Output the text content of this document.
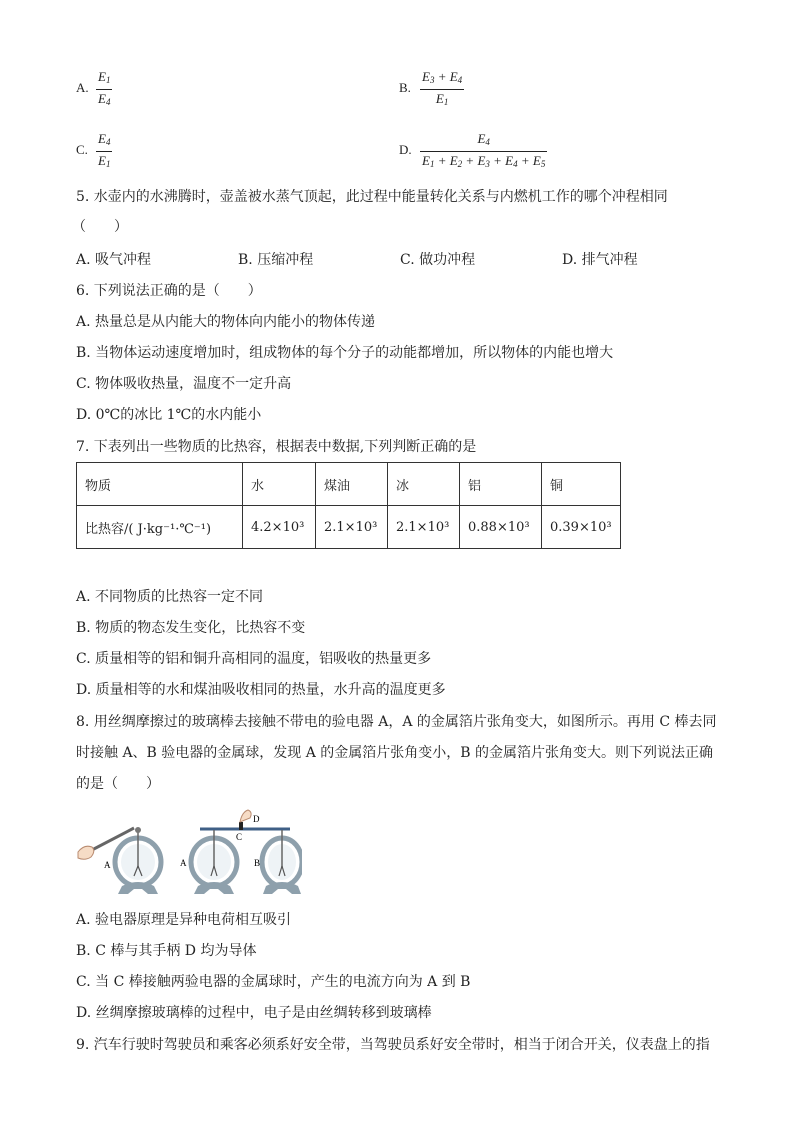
A.
$E_1$
$E_4$
B.
$E_3 + E_4$
$E_1$
C.
$E_4$
$E_1$
D.
$E_4$
$E_1 + E_2 + E_3 + E_4 + E_5$
5. 水壶内的水沸腾时，壶盖被水蒸气顶起，此过程中能量转化关系与内燃机工作的哪个冲程相同
（　　）
A. 吸气冲程	B. 压缩冲程	C. 做功冲程	D. 排气冲程
6. 下列说法正确的是（　　）
A. 热量总是从内能大的物体向内能小的物体传递
B. 当物体运动速度增加时，组成物体的每个分子的动能都增加，所以物体的内能也增大
C. 物体吸收热量，温度不一定升高
D. 0℃的冰比 1℃的水内能小
7. 下表列出一些物质的比热容，根据表中数据,下列判断正确的是
物质	水	煤油	冰	铝	铜
比热容/( J·kg⁻¹·℃⁻¹)	4.2×10³	2.1×10³	2.1×10³	0.88×10³	0.39×10³
A. 不同物质的比热容一定不同
B. 物质的物态发生变化，比热容不变
C. 质量相等的铝和铜升高相同的温度，铝吸收的热量更多
D. 质量相等的水和煤油吸收相同的热量，水升高的温度更多
8. 用丝绸摩擦过的玻璃棒去接触不带电的验电器 A，A 的金属箔片张角变大，如图所示。再用 C 棒去同
时接触 A、B 验电器的金属球，发现 A 的金属箔片张角变小，B 的金属箔片张角变大。则下列说法正确
的是（　　）
A
D
C
A	B
A. 验电器原理是异种电荷相互吸引
B. C 棒与其手柄 D 均为导体
C. 当 C 棒接触两验电器的金属球时，产生的电流方向为 A 到 B
D. 丝绸摩擦玻璃棒的过程中，电子是由丝绸转移到玻璃棒
9. 汽车行驶时驾驶员和乘客必须系好安全带，当驾驶员系好安全带时，相当于闭合开关，仪表盘上的指
